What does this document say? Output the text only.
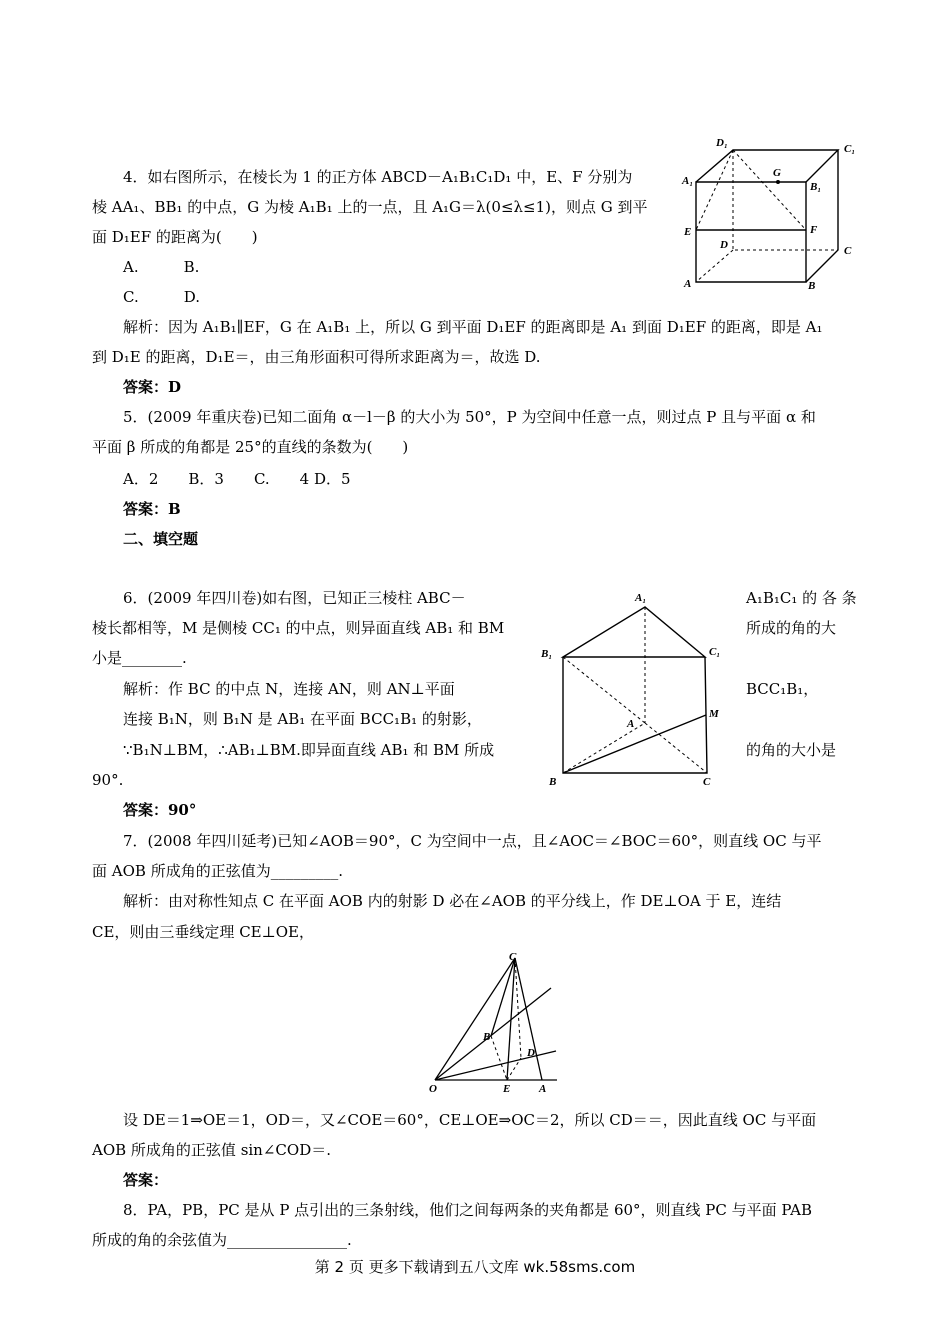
4．如右图所示，在棱长为 1 的正方体 ABCD－A₁B₁C₁D₁ 中，E、F 分别为
棱 AA₁、BB₁ 的中点，G 为棱 A₁B₁ 上的一点，且 A₁G＝λ(0≤λ≤1)，则点 G 到平
面 D₁EF 的距离为(　　)
A.　　　B.
C.　　　D.
解析：因为 A₁B₁∥EF，G 在 A₁B₁ 上，所以 G 到平面 D₁EF 的距离即是 A₁ 到面 D₁EF 的距离，即是 A₁
到 D₁E 的距离，D₁E＝，由三角形面积可得所求距离为＝，故选 D.
答案：D
D₁	C₁
A₁	B₁
G
E	F
D	C
A	B
5．(2009 年重庆卷)已知二面角 α－l－β 的大小为 50°，P 为空间中任意一点，则过点 P 且与平面 α 和
平面 β 所成的角都是 25°的直线的条数为(　　)
A．2　　B．3　　C.　　4 D．5
答案：B
二、填空题
6．(2009 年四川卷)如右图，已知正三棱柱 ABC－	A₁B₁C₁ 的 各 条
棱长都相等，M 是侧棱 CC₁ 的中点，则异面直线 AB₁ 和 BM	所成的角的大
小是________.
解析：作 BC 的中点 N，连接 AN，则 AN⊥平面	BCC₁B₁，
连接 B₁N，则 B₁N 是 AB₁ 在平面 BCC₁B₁ 的射影，
∵B₁N⊥BM，∴AB₁⊥BM.即异面直线 AB₁ 和 BM 所成	的角的大小是
90°.
答案：90°
A₁
B₁	C₁
A
M
B	C
7．(2008 年四川延考)已知∠AOB＝90°，C 为空间中一点，且∠AOC＝∠BOC＝60°，则直线 OC 与平
面 AOB 所成角的正弦值为_________.
解析：由对称性知点 C 在平面 AOB 内的射影 D 必在∠AOB 的平分线上，作 DE⊥OA 于 E，连结
CE，则由三垂线定理 CE⊥OE，
C
B
D
O	E	A
设 DE＝1⇒OE＝1，OD＝，又∠COE＝60°，CE⊥OE⇒OC＝2，所以 CD＝＝，因此直线 OC 与平面
AOB 所成角的正弦值 sin∠COD＝.
答案：
8．PA，PB，PC 是从 P 点引出的三条射线，他们之间每两条的夹角都是 60°，则直线 PC 与平面 PAB
所成的角的余弦值为________________.
第 2 页 更多下载请到五八文库 wk.58sms.com
